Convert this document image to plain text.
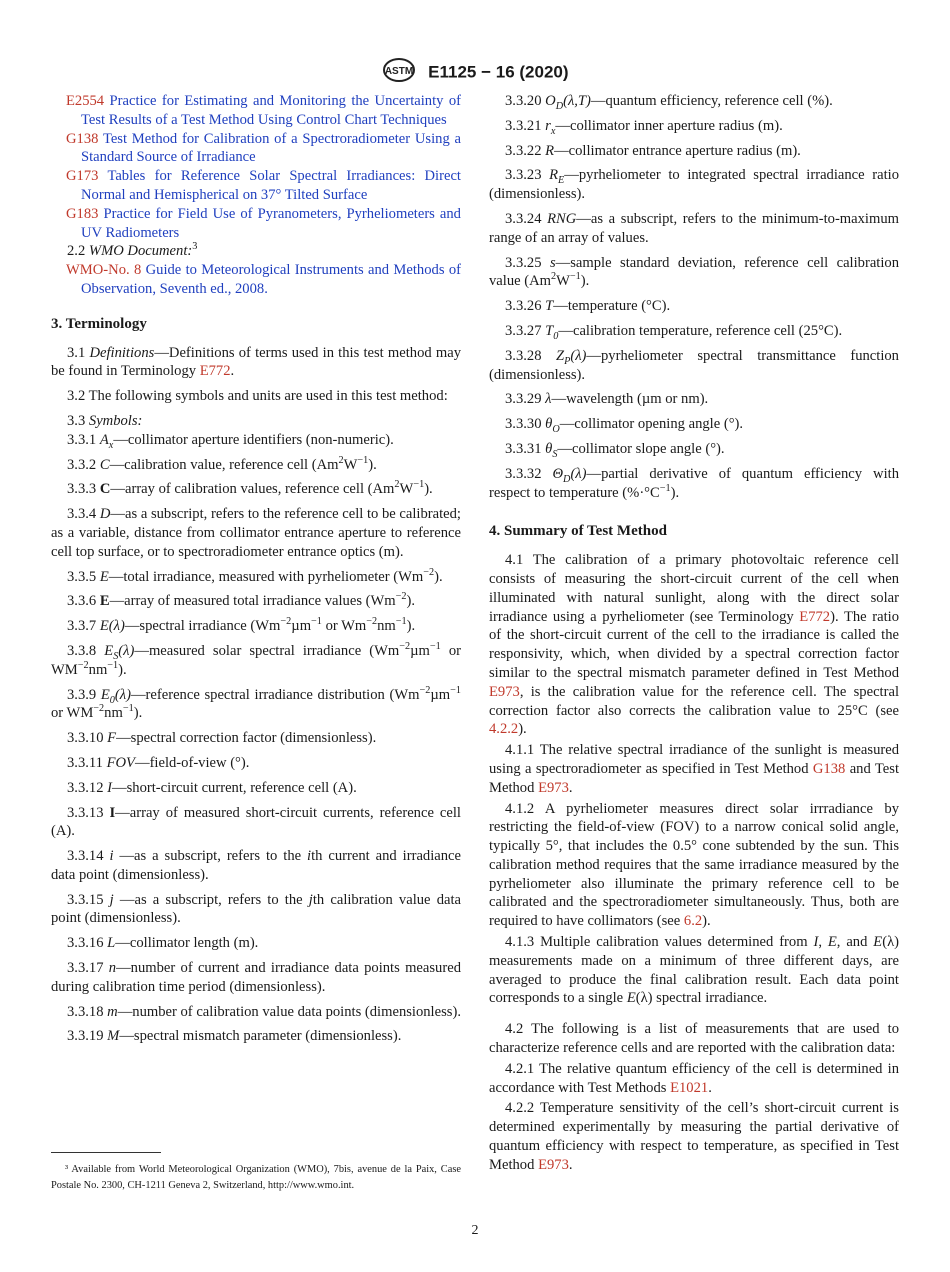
ASTM E1125 − 16 (2020)
E2554 Practice for Estimating and Monitoring the Uncertainty of Test Results of a Test Method Using Control Chart Techniques
G138 Test Method for Calibration of a Spectroradiometer Using a Standard Source of Irradiance
G173 Tables for Reference Solar Spectral Irradiances: Direct Normal and Hemispherical on 37° Tilted Surface
G183 Practice for Field Use of Pyranometers, Pyrheliometers and UV Radiometers

2.2 WMO Document:$^3$

WMO-No. 8 Guide to Meteorological Instruments and Methods of Observation, Seventh ed., 2008.
3. Terminology

3.1 Definitions—Definitions of terms used in this test method may be found in Terminology E772.

3.2 The following symbols and units are used in this test method:

3.3 Symbols:

3.3.1 $A_x—collimator$ aperture identifiers (non-numeric).

3.3.2 C—calibration value, reference cell $(Am^2W^{-1})$.

3.3.3 C—array of calibration values, reference cell $(Am^2W^{-1})$.

3.3.4 D—as a subscript, refers to the reference cell to be calibrated; as a variable, distance from collimator entrance aperture to reference cell top surface, or to spectroradiometer entrance optics (m).

3.3.5 E—total irradiance, measured with pyrheliometer $(Wm^{-2})$.

3.3.6 E—array of measured total irradiance values $(Wm^{-2})$.

3.3.7 E(λ)—spectral irradiance ($Wm^{-2}\mu m^{-1}$ or $Wm^{-2}nm^{-1}$).

3.3.8 $E_S(\lambda)—measured$ solar spectral irradiance ($Wm^{-2}\mu m^{-1}$ or $WM^{-2}nm^{-1}$).

3.3.9 $E_0(\lambda)—reference$ spectral irradiance distribution ($Wm^{-2}\mu m^{-1}$ or $WM^{-2}nm^{-1}$).

3.3.10 F—spectral correction factor (dimensionless).

3.3.11 FOV—field-of-view (°).

3.3.12 I—short-circuit current, reference cell (A).

3.3.13 I—array of measured short-circuit currents, reference cell (A).

3.3.14 i —as a subscript, refers to the ith current and irradiance data point (dimensionless).

3.3.15 j —as a subscript, refers to the jth calibration value data point (dimensionless).

3.3.16 L—collimator length (m).

3.3.17 n—number of current and irradiance data points measured during calibration time period (dimensionless).

3.3.18 m—number of calibration value data points (dimensionless).

3.3.19 M—spectral mismatch parameter (dimensionless).

³ Available from World Meteorological Organization (WMO), 7bis, avenue de la Paix, Case Postale No. 2300, CH-1211 Geneva 2, Switzerland, http://www.wmo.int.

3.3.20 $O_D(\lambda,T)—quantum$ efficiency, reference cell (%).

3.3.21 $r_x—collimator$ inner aperture radius (m).

3.3.22 R—collimator entrance aperture radius (m).

3.3.23 $R_E—pyrheliometer$ to integrated spectral irradiance ratio (dimensionless).

3.3.24 RNG—as a subscript, refers to the minimum-to-maximum range of an array of values.

3.3.25 s—sample standard deviation, reference cell calibration value $(Am^2W^{-1})$.

3.3.26 T—temperature (°C).

3.3.27 $T_0—calibration$ temperature, reference cell (25°C).

3.3.28 $Z_P(\lambda)—pyrheliometer$ spectral transmittance function (dimensionless).

3.3.29 λ—wavelength (µm or nm).

3.3.30 $\theta_O—collimator$ opening angle (°).

3.3.31 $\theta_S—collimator$ slope angle (°).

3.3.32 $\Theta_D(\lambda)—partial$ derivative of quantum efficiency with respect to temperature $(\%\cdot^\circ C^{-1})$.

4. Summary of Test Method

4.1 The calibration of a primary photovoltaic reference cell consists of measuring the short-circuit current of the cell when illuminated with natural sunlight, along with the direct solar irradiance using a pyrheliometer (see Terminology E772). The ratio of the short-circuit current of the cell to the irradiance is called the responsivity, which, when divided by a spectral correction factor similar to the spectral mismatch parameter defined in Test Method E973, is the calibration value for the reference cell. The spectral correction factor also corrects the calibration value to 25°C (see 4.2.2).

4.1.1 The relative spectral irradiance of the sunlight is measured using a spectroradiometer as specified in Test Method G138 and Test Method E973.

4.1.2 A pyrheliometer measures direct solar irrradiance by restricting the field-of-view (FOV) to a narrow conical solid angle, typically 5°, that includes the 0.5° cone subtended by the sun. This calibration method requires that the same irradiance measured by the pyrheliometer also illuminate the primary reference cell to be calibrated and the spectroradiometer simultaneously. Thus, both are required to have collimators (see 6.2).

4.1.3 Multiple calibration values determined from I, E, and E(λ) measurements made on a minimum of three different days, are averaged to produce the final calibration result. Each data point corresponds to a single E(λ) spectral irradiance.

4.2 The following is a list of measurements that are used to characterize reference cells and are reported with the calibration data:

4.2.1 The relative quantum efficiency of the cell is determined in accordance with Test Methods E1021.

4.2.2 Temperature sensitivity of the cell’s short-circuit current is determined experimentally by measuring the partial derivative of quantum efficiency with respect to temperature, as specified in Test Method E973.

2
